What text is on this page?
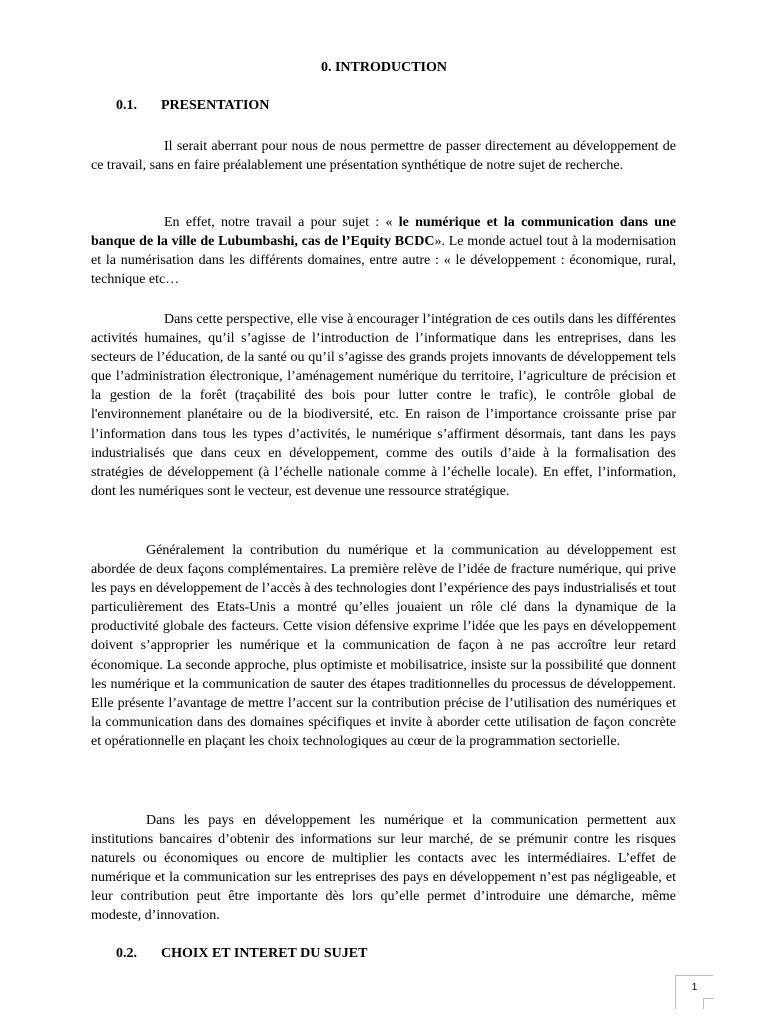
0. INTRODUCTION
0.1. PRESENTATION

Il serait aberrant pour nous de nous permettre de passer directement au développement de ce travail, sans en faire préalablement une présentation synthétique de notre sujet de recherche.

En effet, notre travail a pour sujet : « le numérique et la communication dans une banque de la ville de Lubumbashi, cas de l’Equity BCDC». Le monde actuel tout à la modernisation et la numérisation dans les différents domaines, entre autre : « le développement : économique, rural, technique etc…

Dans cette perspective, elle vise à encourager l’intégration de ces outils dans les différentes activités humaines, qu’il s’agisse de l’introduction de l’informatique dans les entreprises, dans les secteurs de l’éducation, de la santé ou qu’il s’agisse des grands projets innovants de développement tels que l’administration électronique, l’aménagement numérique du territoire, l’agriculture de précision et la gestion de la forêt (traçabilité des bois pour lutter contre le trafic), le contrôle global de l'environnement planétaire ou de la biodiversité, etc. En raison de l’importance croissante prise par l’information dans tous les types d’activités, le numérique s’affirment désormais, tant dans les pays industrialisés que dans ceux en développement, comme des outils d’aide à la formalisation des stratégies de développement (à l’échelle nationale comme à l’échelle locale). En effet, l’information, dont les numériques sont le vecteur, est devenue une ressource stratégique.

Généralement la contribution du numérique et la communication au développement est abordée de deux façons complémentaires. La première relève de l’idée de fracture numérique, qui prive les pays en développement de l’accès à des technologies dont l’expérience des pays industrialisés et tout particulièrement des Etats-Unis a montré qu’elles jouaient un rôle clé dans la dynamique de la productivité globale des facteurs. Cette vision défensive exprime l’idée que les pays en développement doivent s’approprier les numérique et la communication de façon à ne pas accroître leur retard économique. La seconde approche, plus optimiste et mobilisatrice, insiste sur la possibilité que donnent les numérique et la communication de sauter des étapes traditionnelles du processus de développement. Elle présente l’avantage de mettre l’accent sur la contribution précise de l’utilisation des numériques et la communication dans des domaines spécifiques et invite à aborder cette utilisation de façon concrète et opérationnelle en plaçant les choix technologiques au cœur de la programmation sectorielle.

Dans les pays en développement les numérique et la communication permettent aux institutions bancaires d’obtenir des informations sur leur marché, de se prémunir contre les risques naturels ou économiques ou encore de multiplier les contacts avec les intermédiaires. L’effet de numérique et la communication sur les entreprises des pays en développement n’est pas négligeable, et leur contribution peut être importante dès lors qu’elle permet d’introduire une démarche, même modeste, d’innovation.

0.2. CHOIX ET INTERET DU SUJET
1
